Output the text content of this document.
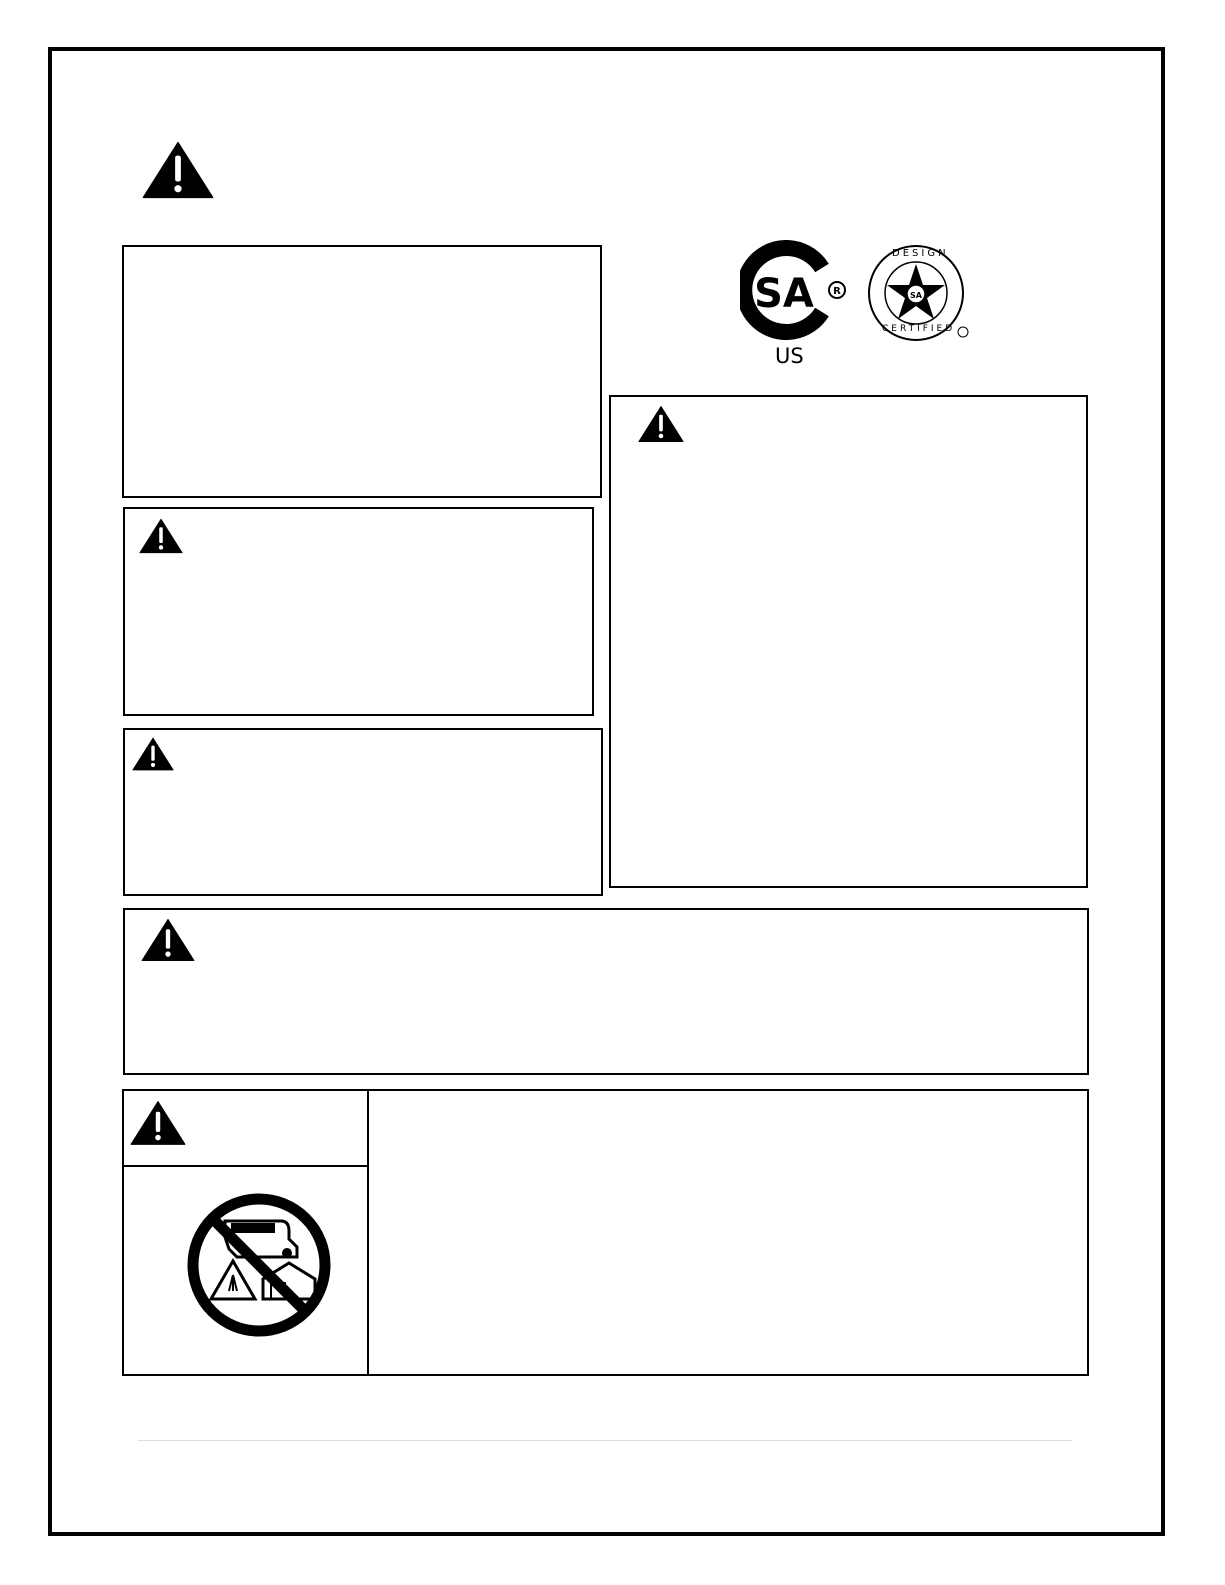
SA R
US
SA
DESIGN
CERTIFIED
